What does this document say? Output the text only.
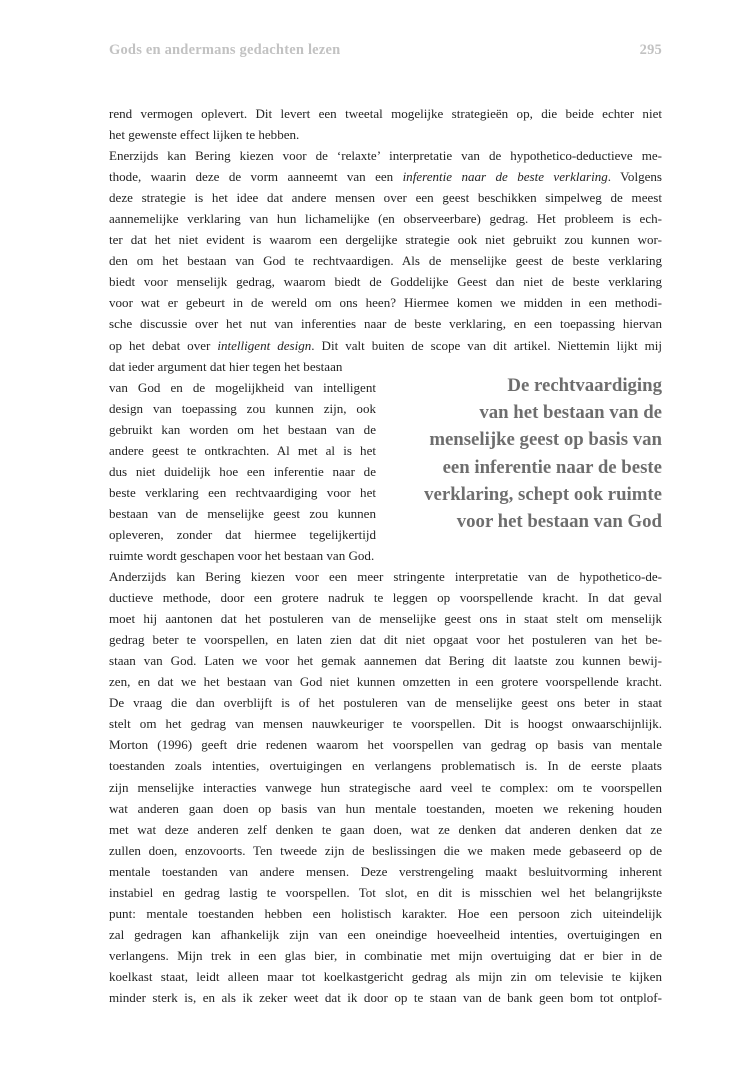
Gods en andermans gedachten lezen	295
rend vermogen oplevert. Dit levert een tweetal mogelijke strategieën op, die beide echter niet
het gewenste effect lijken te hebben.
Enerzijds kan Bering kiezen voor de ‘relaxte’ interpretatie van de hypothetico-deductieve me-
thode, waarin deze de vorm aanneemt van een inferentie naar de beste verklaring. Volgens
deze strategie is het idee dat andere mensen over een geest beschikken simpelweg de meest
aannemelijke verklaring van hun lichamelijke (en observeerbare) gedrag. Het probleem is ech-
ter dat het niet evident is waarom een dergelijke strategie ook niet gebruikt zou kunnen wor-
den om het bestaan van God te rechtvaardigen. Als de menselijke geest de beste verklaring
biedt voor menselijk gedrag, waarom biedt de Goddelijke Geest dan niet de beste verklaring
voor wat er gebeurt in de wereld om ons heen? Hiermee komen we midden in een methodi-
sche discussie over het nut van inferenties naar de beste verklaring, en een toepassing hiervan
op het debat over intelligent design. Dit valt buiten de scope van dit artikel. Niettemin lijkt mij
dat ieder argument dat hier tegen het bestaan
van God en de mogelijkheid van intelligent
design van toepassing zou kunnen zijn, ook
gebruikt kan worden om het bestaan van de
andere geest te ontkrachten. Al met al is het
dus niet duidelijk hoe een inferentie naar de
beste verklaring een rechtvaardiging voor het
bestaan van de menselijke geest zou kunnen
opleveren, zonder dat hiermee tegelijkertijd
ruimte wordt geschapen voor het bestaan van God.
Anderzijds kan Bering kiezen voor een meer stringente interpretatie van de hypothetico-de-
ductieve methode, door een grotere nadruk te leggen op voorspellende kracht. In dat geval
moet hij aantonen dat het postuleren van de menselijke geest ons in staat stelt om menselijk
gedrag beter te voorspellen, en laten zien dat dit niet opgaat voor het postuleren van het be-
staan van God. Laten we voor het gemak aannemen dat Bering dit laatste zou kunnen bewij-
zen, en dat we het bestaan van God niet kunnen omzetten in een grotere voorspellende kracht.
De vraag die dan overblijft is of het postuleren van de menselijke geest ons beter in staat
stelt om het gedrag van mensen nauwkeuriger te voorspellen. Dit is hoogst onwaarschijnlijk.
Morton (1996) geeft drie redenen waarom het voorspellen van gedrag op basis van mentale
toestanden zoals intenties, overtuigingen en verlangens problematisch is. In de eerste plaats
zijn menselijke interacties vanwege hun strategische aard veel te complex: om te voorspellen
wat anderen gaan doen op basis van hun mentale toestanden, moeten we rekening houden
met wat deze anderen zelf denken te gaan doen, wat ze denken dat anderen denken dat ze
zullen doen, enzovoorts. Ten tweede zijn de beslissingen die we maken mede gebaseerd op de
mentale toestanden van andere mensen. Deze verstrengeling maakt besluitvorming inherent
instabiel en gedrag lastig te voorspellen. Tot slot, en dit is misschien wel het belangrijkste
punt: mentale toestanden hebben een holistisch karakter. Hoe een persoon zich uiteindelijk
zal gedragen kan afhankelijk zijn van een oneindige hoeveelheid intenties, overtuigingen en
verlangens. Mijn trek in een glas bier, in combinatie met mijn overtuiging dat er bier in de
koelkast staat, leidt alleen maar tot koelkastgericht gedrag als mijn zin om televisie te kijken
minder sterk is, en als ik zeker weet dat ik door op te staan van de bank geen bom tot ontplof-
De rechtvaardiging
van het bestaan van de
menselijke geest op basis van
een inferentie naar de beste
verklaring, schept ook ruimte
voor het bestaan van God
